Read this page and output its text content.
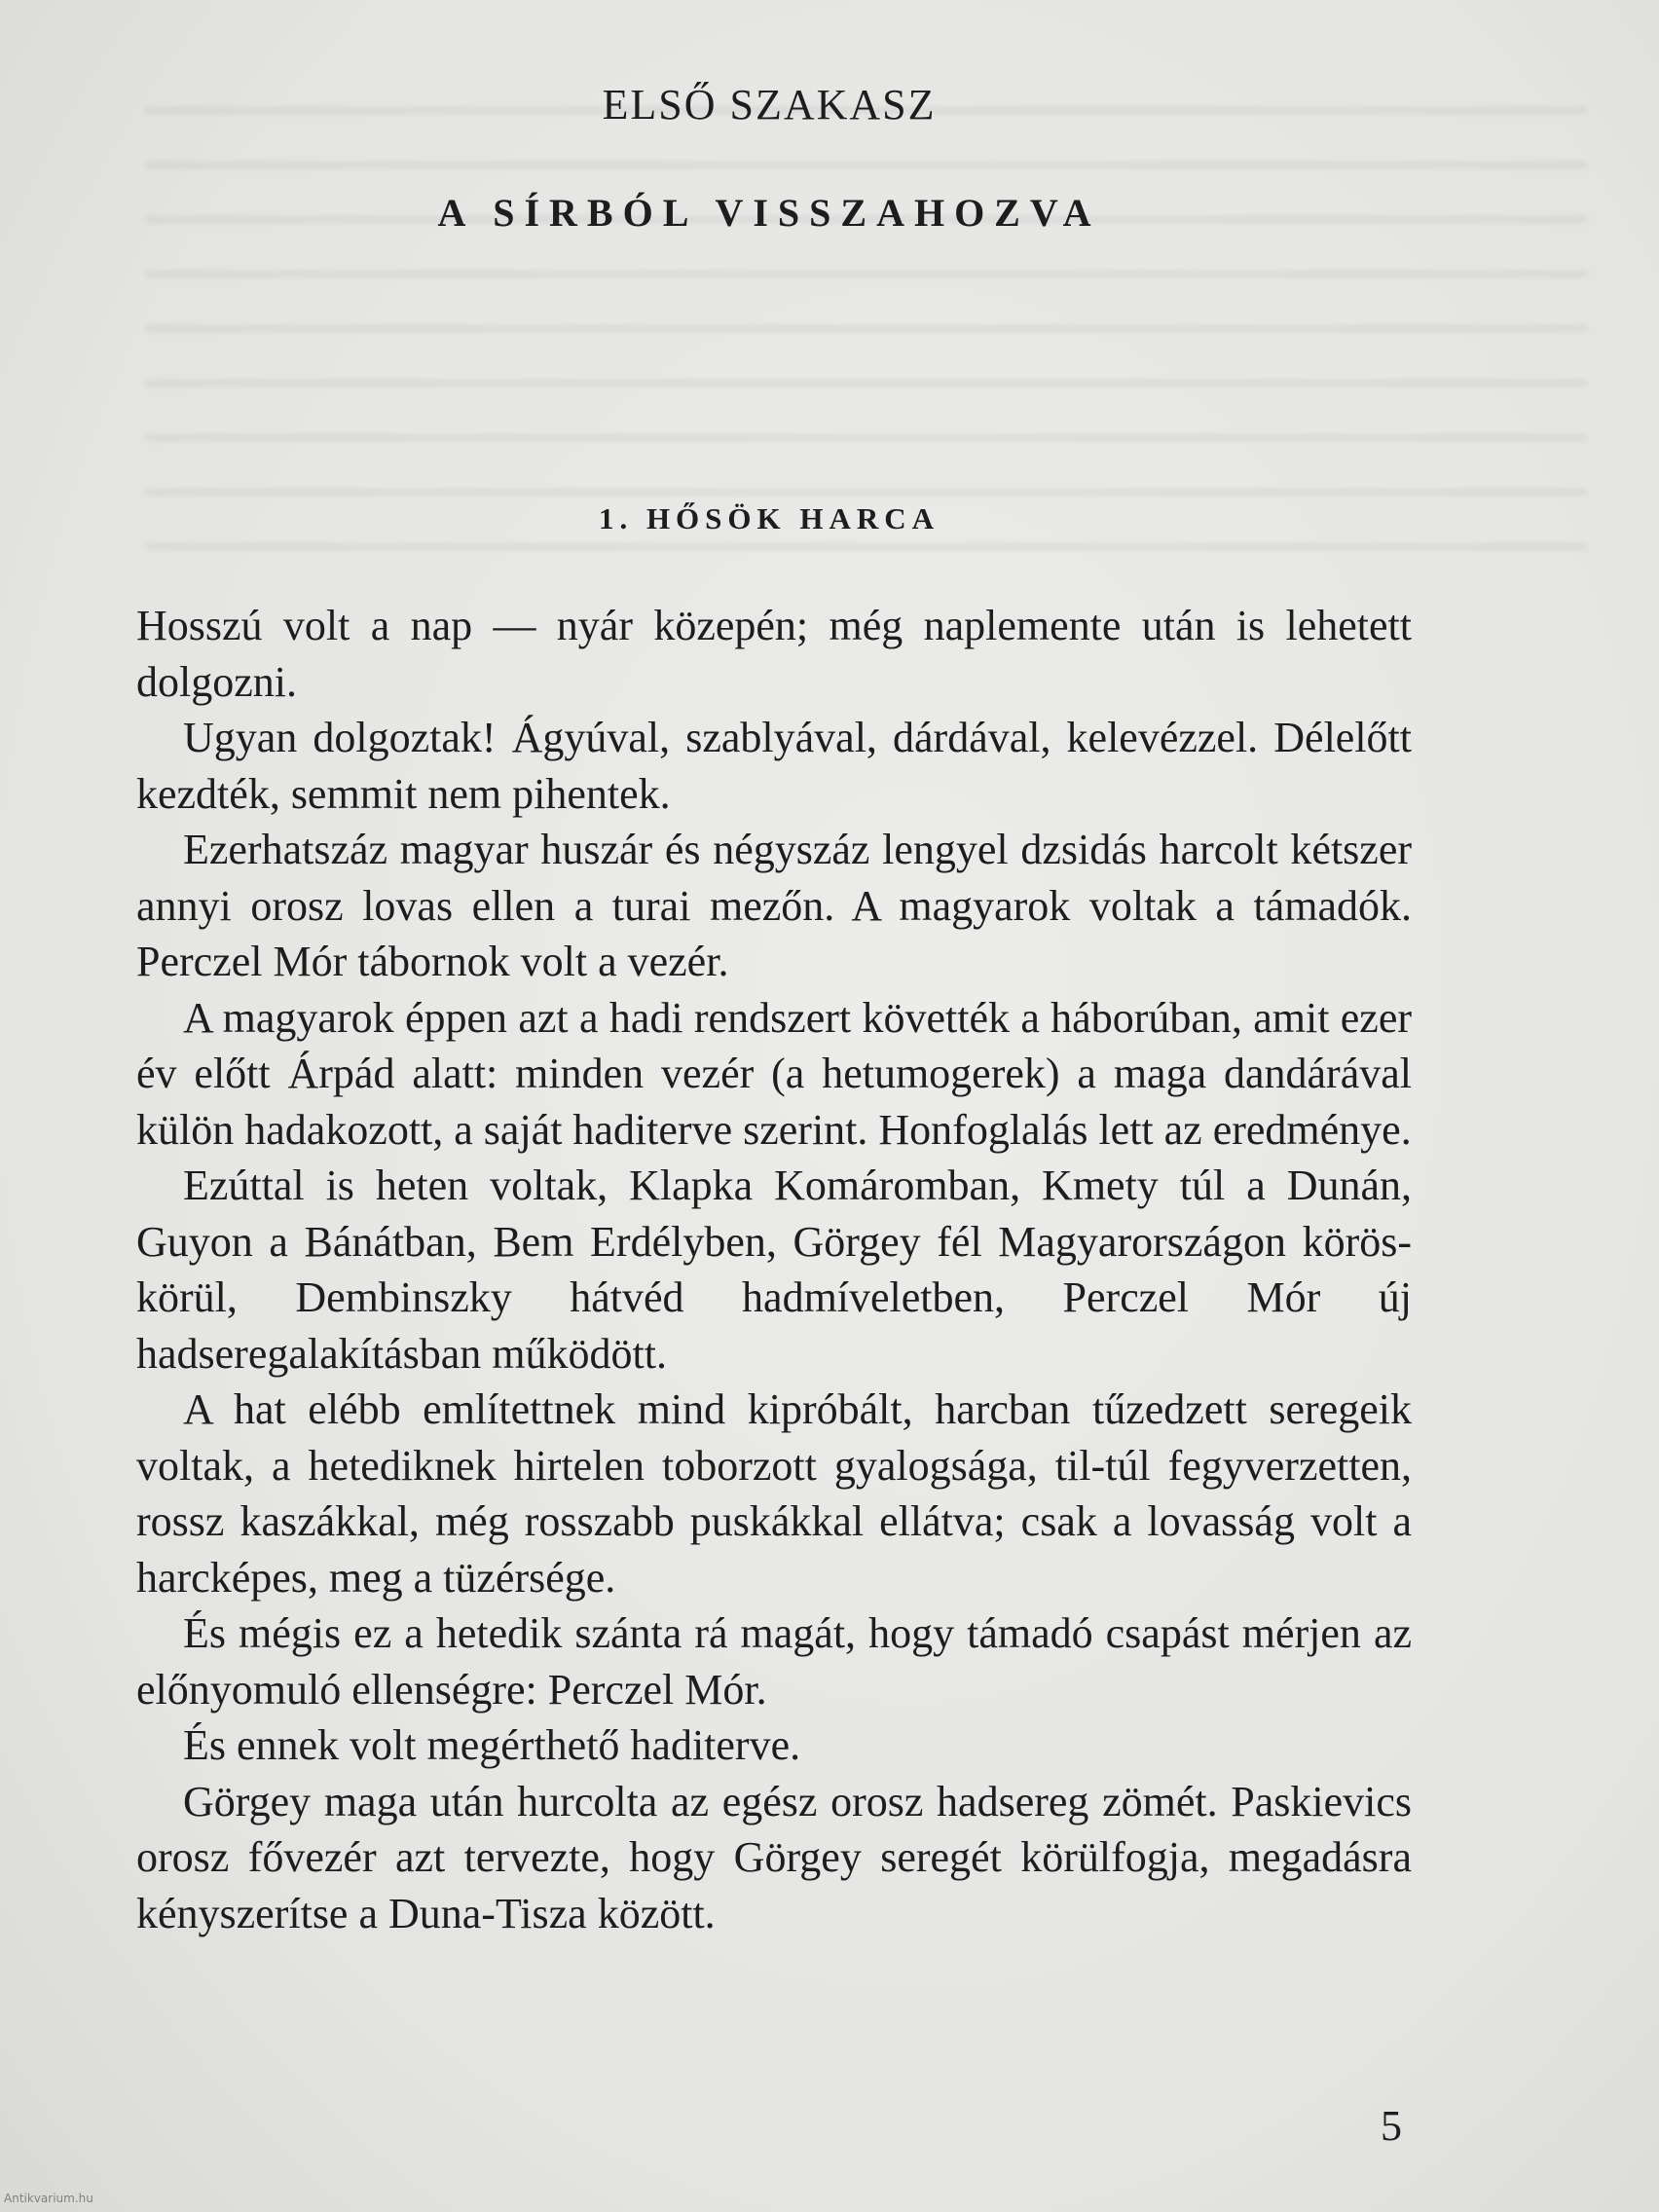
ELSŐ SZAKASZ
A SÍRBÓL VISSZAHOZVA
1. HŐSÖK HARCA

Hosszú volt a nap — nyár közepén; még naplemente után is lehetett dolgozni.

Ugyan dolgoztak! Ágyúval, szablyával, dárdával, kelevézzel. Délelőtt kezdték, semmit nem pihentek.

Ezerhatszáz magyar huszár és négyszáz lengyel dzsidás harcolt kétszer annyi orosz lovas ellen a turai mezőn. A magyarok voltak a támadók. Perczel Mór tábornok volt a vezér.

A magyarok éppen azt a hadi rendszert követték a háborúban, amit ezer év előtt Árpád alatt: minden vezér (a hetumogerek) a maga dandárával külön hadakozott, a saját haditerve szerint. Honfoglalás lett az eredménye.

Ezúttal is heten voltak, Klapka Komáromban, Kmety túl a Dunán, Guyon a Bánátban, Bem Erdélyben, Görgey fél Magyarországon körös-körül, Dembinszky hátvéd hadmíveletben, Perczel Mór új hadseregalakításban működött.

A hat elébb említettnek mind kipróbált, harcban tűzedzett seregeik voltak, a hetediknek hirtelen toborzott gyalogsága, til-túl fegyverzetten, rossz kaszákkal, még rosszabb puskákkal ellátva; csak a lovasság volt a harcképes, meg a tüzérsége.

És mégis ez a hetedik szánta rá magát, hogy támadó csapást mérjen az előnyomuló ellenségre: Perczel Mór.

És ennek volt megérthető haditerve.

Görgey maga után hurcolta az egész orosz hadsereg zömét. Paskievics orosz fővezér azt tervezte, hogy Görgey seregét körülfogja, megadásra kényszerítse a Duna-Tisza között.

5
Antikvarium.hu
